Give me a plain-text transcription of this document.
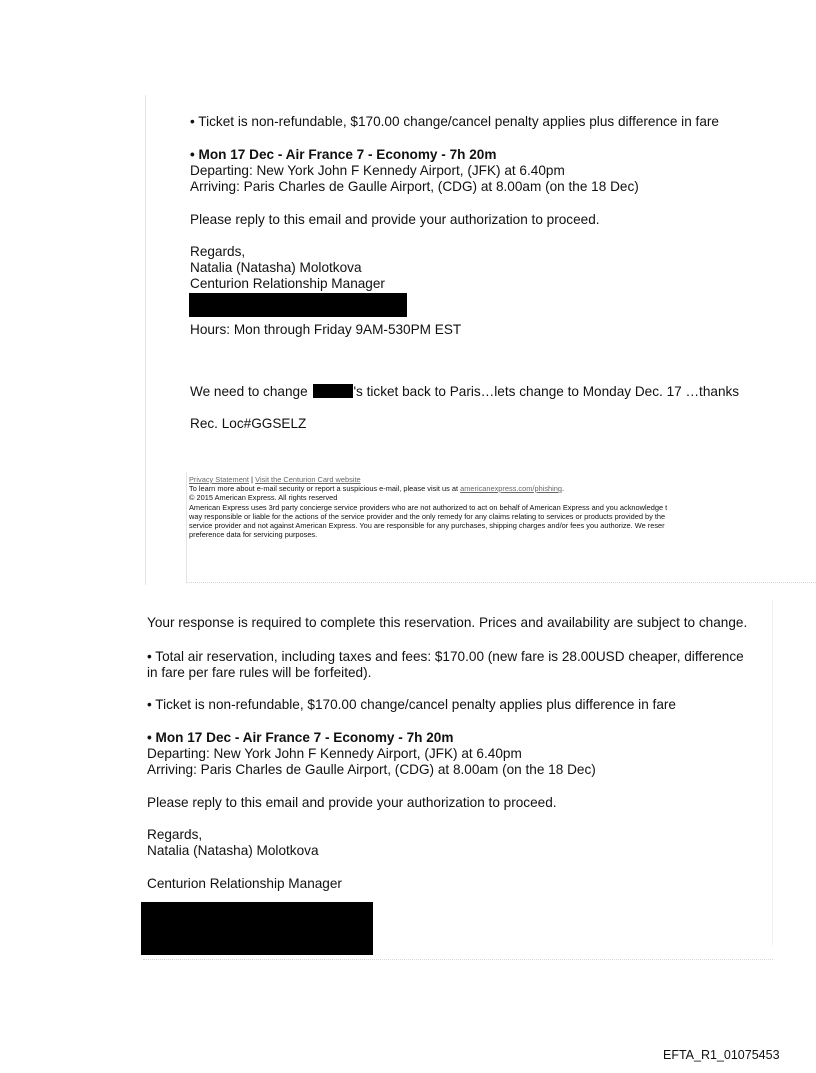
• Ticket is non-refundable, $170.00 change/cancel penalty applies plus difference in fare
• Mon 17 Dec - Air France 7 - Economy - 7h 20m
Departing: New York John F Kennedy Airport, (JFK) at 6.40pm
Arriving: Paris Charles de Gaulle Airport, (CDG) at 8.00am (on the 18 Dec)
Please reply to this email and provide your authorization to proceed.
Regards,
Natalia (Natasha) Molotkova
Centurion Relationship Manager
Hours: Mon through Friday 9AM-530PM EST
We need to change	's ticket back to Paris…lets change to Monday Dec. 17 …thanks
Rec. Loc#GGSELZ
Privacy Statement | Visit the Centurion Card website
To learn more about e-mail security or report a suspicious e-mail, please visit us at americanexpress.com/phishing.
© 2015 American Express. All rights reserved
American Express uses 3rd party concierge service providers who are not authorized to act on behalf of American Express and you acknowledge t
way responsible or liable for the actions of the service provider and the only remedy for any claims relating to services or products provided by the
service provider and not against American Express. You are responsible for any purchases, shipping charges and/or fees you authorize. We reser
preference data for servicing purposes.
Your response is required to complete this reservation. Prices and availability are subject to change.
• Total air reservation, including taxes and fees: $170.00 (new fare is 28.00USD cheaper, difference
in fare per fare rules will be forfeited).
• Ticket is non-refundable, $170.00 change/cancel penalty applies plus difference in fare
• Mon 17 Dec - Air France 7 - Economy - 7h 20m
Departing: New York John F Kennedy Airport, (JFK) at 6.40pm
Arriving: Paris Charles de Gaulle Airport, (CDG) at 8.00am (on the 18 Dec)
Please reply to this email and provide your authorization to proceed.
Regards,
Natalia (Natasha) Molotkova
Centurion Relationship Manager
EFTA_R1_01075453
